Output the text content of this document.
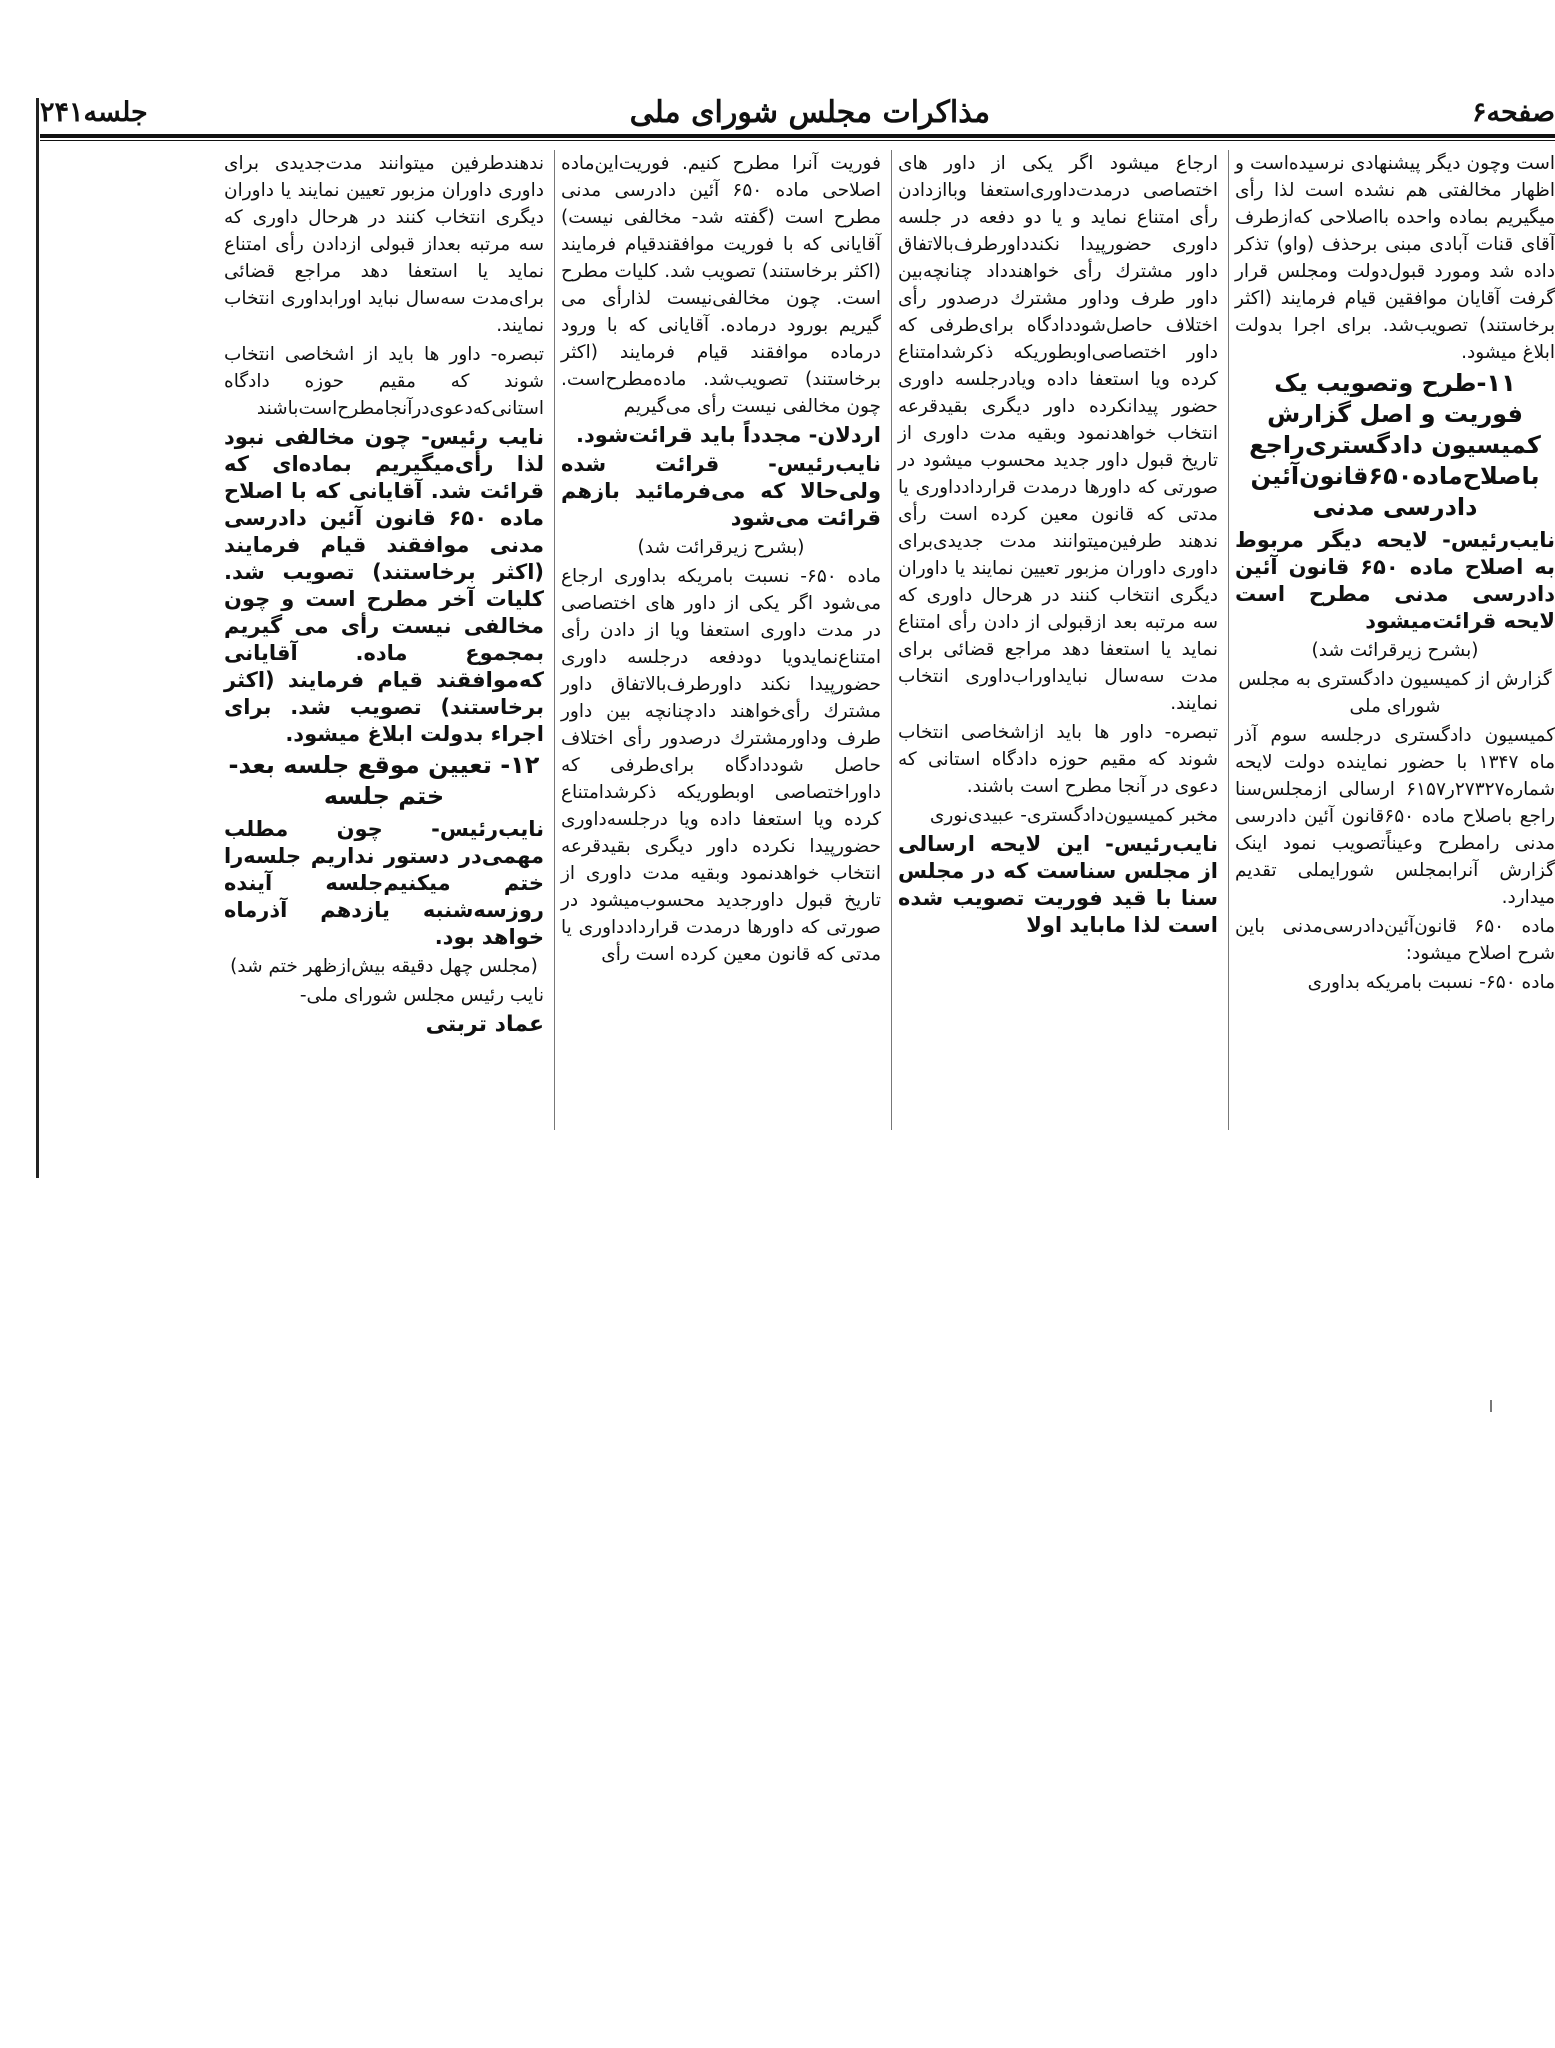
صفحه۶
مذاکرات مجلس شورای ملی
جلسه۲۴۱

است وچون دیگر پیشنهادی نرسیده‌است و اظهار مخالفتی هم نشده است لذا رأی میگیریم بماده واحده بااصلاحی که‌ازطرف آقای قنات آبادی مبنی برحذف (واو) تذکر داده شد ومورد قبول‌دولت ومجلس قرار گرفت آقایان موافقین قیام فرمایند (اکثر برخاستند) تصویب‌شد. برای اجرا بدولت ابلاغ میشود.

۱۱-طرح وتصویب یک فوریت و اصل گزارش کمیسیون دادگستری‌راجع باصلاح‌ماده‌۶۵۰قانون‌آئین دادرسی مدنی

نایب‌رئیس- لایحه دیگر مربوط به اصلاح ماده ۶۵۰ قانون آئین دادرسی مدنی مطرح است لایحه قرائت‌میشود

(بشرح زیرقرائت شد)

گزارش از کمیسیون دادگستری به مجلس شورای ملی

کمیسیون دادگستری درجلسه سوم آذر ماه ۱۳۴۷ با حضور نماینده دولت لایحه شماره۲۷۳۲۷ر۶۱۵۷ ارسالی ازمجلس‌سنا راجع باصلاح ماده ۶۵۰قانون آئین دادرسی مدنی رامطرح وعیناًتصویب نمود اینک گزارش آنرابمجلس شورایملی تقدیم میدارد.

ماده ۶۵۰ قانون‌آئین‌دادرسی‌مدنی باین شرح اصلاح میشود:

ماده ۶۵۰- نسبت بامریکه بداوری

ارجاع میشود اگر یکی از داور های اختصاصی درمدت‌داوری‌استعفا وباازدادن رأی امتناع نماید و یا دو دفعه در جلسه داوری حضورپیدا نکندداورطرف‌بالاتفاق داور مشترك رأی خواهندداد چنانچه‌بین داور طرف وداور مشترك درصدور رأی اختلاف حاصل‌شوددادگاه برای‌طرفی که داور اختصاصی‌اوبطوریکه ذکرشدامتناع کرده ویا استعفا داده ویادرجلسه داوری حضور پیدانکرده داور دیگری بقیدقرعه انتخاب خواهدنمود وبقیه مدت داوری از تاریخ قبول داور جدید محسوب میشود در صورتی که داورها درمدت قراردادداوری یا مدتی که قانون معین کرده است رأی ندهند طرفین‌میتوانند مدت جدیدی‌برای داوری داوران مزبور تعیین نمایند یا داوران دیگری انتخاب کنند در هرحال داوری که سه مرتبه بعد ازقبولی از دادن رأی امتناع نماید یا استعفا دهد مراجع قضائی برای مدت سه‌سال نبایدا‌وراب‌داوری انتخاب نمایند.

تبصره- داور ها باید ازاشخاصی انتخاب شوند که مقیم حوزه دادگاه استانی که دعوی در آنجا مطرح است باشند.

مخبر کمیسیون‌دادگستری- عبیدی‌نوری

نایب‌رئیس- این لایحه ارسالی از مجلس سناست که در مجلس سنا با قید فوریت تصویب شده است لذا ماباید اولا

فوریت آنرا مطرح کنیم. فوریت‌این‌ماده اصلاحی ماده ۶۵۰ آئین دادرسی مدنی مطرح است (گفته شد- مخالفی نیست) آقایانی که با فوریت موافقند‌قیام فرمایند (اکثر برخاستند) تصویب شد. کلیات مطرح است. چون مخالفی‌نیست لذارأی می گیریم بورود درماده. آقایانی که با ورود درماده موافقند قیام فرمایند (اکثر برخاستند) تصویب‌شد. ماده‌مطرح‌است. چون مخالفی نیست رأی می‌گیریم

اردلان- مجدداً باید قرائت‌شود.

نایب‌رئیس- قرائت شده ولی‌حالا که می‌فرمائید بازهم قرائت می‌شود

(بشرح زیرقرائت شد)

ماده ۶۵۰- نسبت بامریکه بداوری ارجاع می‌شود اگر یکی از داور های اختصاصی در مدت داوری استعفا ویا از دادن رأی امتناع‌نمایدویا دودفعه درجلسه داوری حضورپیدا نکند داورطرف‌بالاتفاق داور مشترك رأی‌خواهند دادچنانچه بین داور طرف وداورمشترك درصدور رأی اختلاف حاصل شوددادگاه برای‌طرفی که داوراختصاصی اوبطوریکه ذکرشدامتناع کرده ویا استعفا داده ویا درجلسه‌داوری حضورپیدا نکرده داور دیگری بقیدقرعه انتخاب خواهدنمود وبقیه مدت داوری از تاریخ قبول داورجدید محسوب‌میشود در صورتی که داورها درمدت قراردادداوری یا مدتی که قانون معین کرده است رأی

ندهندطرفین میتوانند مدت‌جدیدی برای داوری داوران مزبور تعیین نمایند یا داوران دیگری انتخاب کنند در هرحال داوری که سه مرتبه بعداز قبولی ازدادن رأی امتناع نماید یا استعفا دهد مراجع قضائی برای‌مدت سه‌سال نباید اورابداوری انتخاب نمایند.

تبصره- داور ها باید از اشخاصی انتخاب شوند که مقیم حوزه دادگاه استانی‌که‌دعوی‌درآنجامطرح‌است‌باشند

نایب رئیس- چون مخالفی نبود لذا رأی‌میگیریم بماده‌ای که قرائت شد. آقایانی که با اصلاح ماده ۶۵۰ قانون آئین دادرسی مدنی موافقند قیام فرمایند (اکثر برخاستند) تصویب شد. کلیات آخر مطرح است و چون مخالفی نیست رأی می گیریم بمجموع ماده. آقایانی کەموافقند قیام فرمایند (اکثر برخاستند) تصویب شد. برای اجراء بدولت ابلاغ میشود.

۱۲- تعیین موقع جلسه بعد- ختم جلسه

نایب‌رئیس- چون مطلب مهمی‌در دستور نداریم جلسه‌را ختم میکنیم‌جلسه آینده روز‌سه‌شنبه یازدهم آذرماه خواهد بود.

(مجلس چهل دقیقه بیش‌ازظهر ختم شد)

نایب رئیس مجلس شورای ملی-

عماد تربتی
